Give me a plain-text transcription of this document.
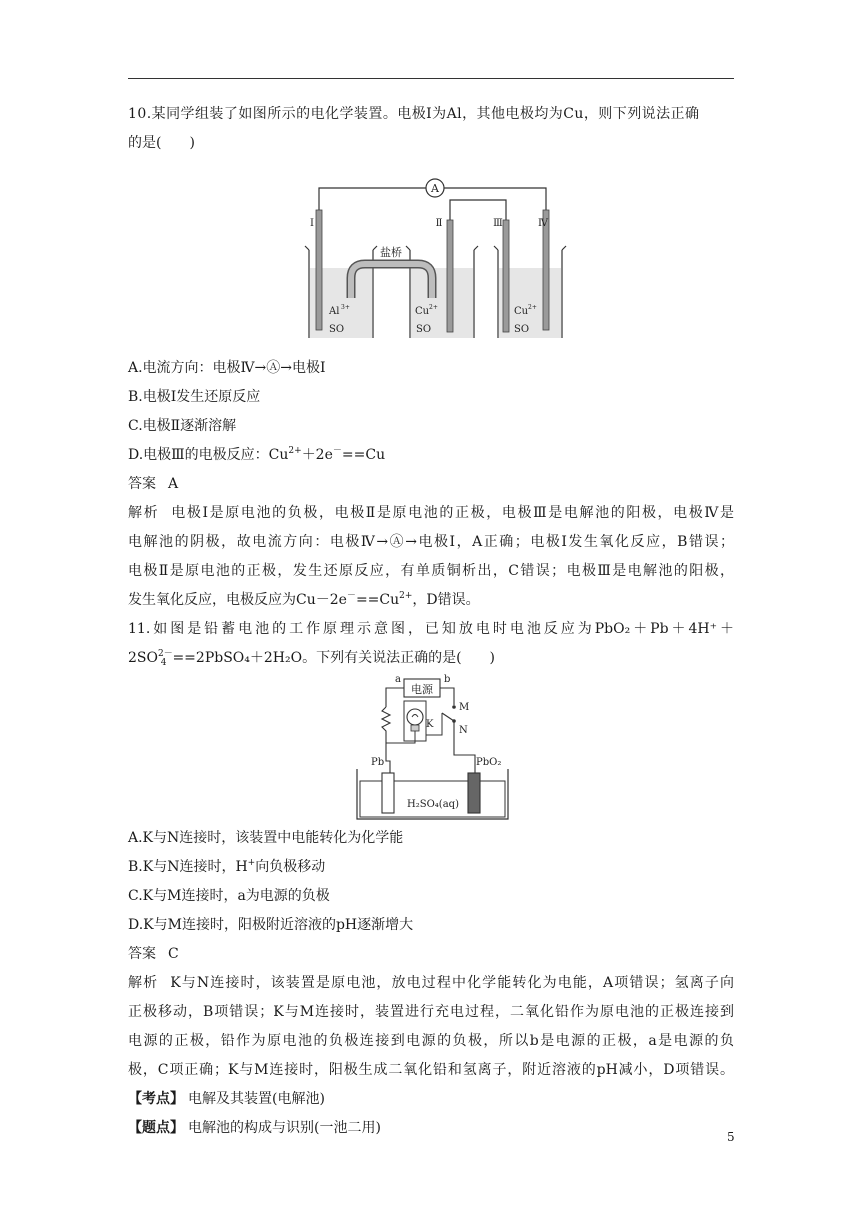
10.某同学组装了如图所示的电化学装置。电极Ⅰ为Al，其他电极均为Cu，则下列说法正确
的是(　　)
A
盐桥
Ⅰ	Ⅱ	Ⅲ	Ⅳ
Al 3+
SO
Cu 2+
SO
Cu 2+
SO
A.电流方向：电极Ⅳ→Ⓐ→电极Ⅰ
B.电极Ⅰ发生还原反应
C.电极Ⅱ逐渐溶解
D.电极Ⅲ的电极反应：$Cu^{2+}+2e^-==Cu$
答案 A
解析 电极Ⅰ是原电池的负极，电极Ⅱ是原电池的正极，电极Ⅲ是电解池的阳极，电极Ⅳ是
电解池的阴极，故电流方向：电极Ⅳ→Ⓐ→电极Ⅰ，A正确；电极Ⅰ发生氧化反应，B错误；
电极Ⅱ是原电池的正极，发生还原反应，有单质铜析出，C错误；电极Ⅲ是电解池的阳极，
发生氧化反应，电极反应为$Cu-2e^-==Cu^{2+}$，D错误。
11.如图是铅蓄电池的工作原理示意图，已知放电时电池反应为PbO₂＋Pb＋4H⁺＋
$2SO^{2-}_4$ ==2PbSO₄＋2H₂O。下列有关说法正确的是(　　)
电源
a	b
K
M
N
Pb	PbO₂
H₂SO₄(aq)
A.K与N连接时，该装置中电能转化为化学能
B.K与N连接时，H+向负极移动
C.K与M连接时，a为电源的负极
D.K与M连接时，阳极附近溶液的pH逐渐增大
答案 C
解析 K与N连接时，该装置是原电池，放电过程中化学能转化为电能，A项错误；氢离子向
正极移动，B项错误；K与M连接时，装置进行充电过程，二氧化铅作为原电池的正极连接到
电源的正极，铅作为原电池的负极连接到电源的负极，所以b是电源的正极，a是电源的负
极，C项正确；K与M连接时，阳极生成二氧化铅和氢离子，附近溶液的pH减小，D项错误。
【考点】 电解及其装置(电解池)
【题点】 电解池的构成与识别(一池二用)
5
